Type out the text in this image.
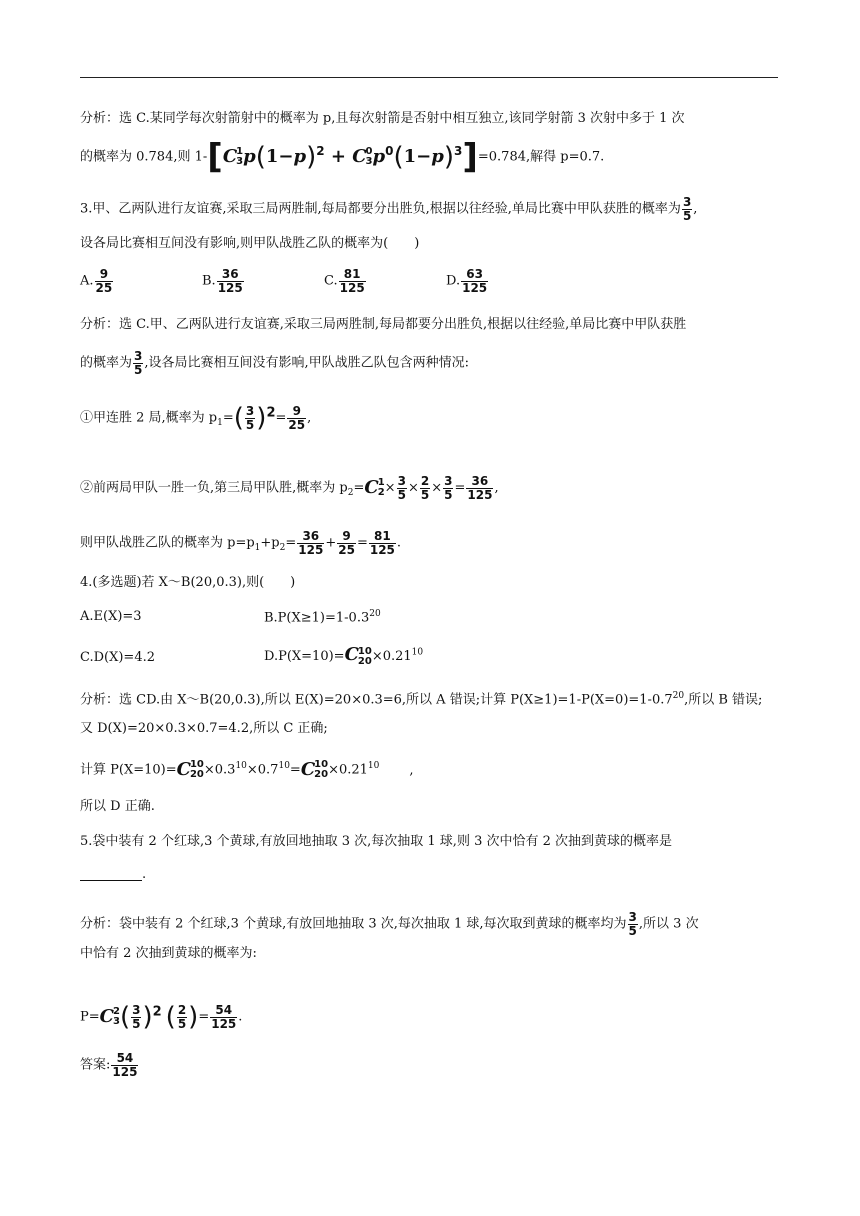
分析：选 C.某同学每次射箭射中的概率为 p,且每次射箭是否射中相互独立,该同学射箭 3 次射中多于 1 次
的概率为 0.784,则 1-[C 1
3 $p(1-p)^2 + C$ 0
3 $p^0(1-p)^3]=0.784$,解得 p=0.7.
3.甲、乙两队进行友谊赛,采取三局两胜制,每局都要分出胜负,根据以往经验,单局比赛中甲队获胜的概率为 $\frac{3}{5}$ ,
设各局比赛相互间没有影响,则甲队战胜乙队的概率为(　　)
A. $\frac{9}{25}$	B. $\frac{36}{125}$	C. $\frac{81}{125}$	D. $\frac{63}{125}$
分析：选 C.甲、乙两队进行友谊赛,采取三局两胜制,每局都要分出胜负,根据以往经验,单局比赛中甲队获胜
的概率为 $\frac{3}{5}$ ,设各局比赛相互间没有影响,甲队战胜乙队包含两种情况:
①甲连胜 2 局,概率为 $p_1=( \frac{3}{5} )^2= \frac{9}{25}$ ,
②前两局甲队一胜一负,第三局甲队胜,概率为 $p_2=C$ 1
$2 \times \frac{3}{5} \times \frac{2}{5} \times \frac{3}{5} = \frac{36}{125}$ ,
则甲队战胜乙队的概率为 $p=p_1+p_2= \frac{36}{125} + \frac{9}{25} = \frac{81}{125}$ .
4.(多选题)若 X～B(20,0.3),则(　　)
A.E(X)=3	$B.P(X\ge 1)=1-0.3^{20}$
C.D(X)=4.2	D.P(X=10)=C 10
$20 \times 0.21^{10}$
分析：选 CD.由 X～B(20,0.3),所以 E(X)=20×0.3=6,所以 A 错误;计算 $P(X\ge 1)=1-P(X=0)=1-0.7^{20}$,所以 B 错误;
又 D(X)=20×0.3×0.7=4.2,所以 C 正确;
计算 P(X=10)=C 10
$20 \times 0.3^{10}\times 0.7^{10}=C$ 10
$20 \times 0.21^{10}$ ,
所以 D 正确.
5.袋中装有 2 个红球,3 个黄球,有放回地抽取 3 次,每次抽取 1 球,则 3 次中恰有 2 次抽到黄球的概率是
.
分析：袋中装有 2 个红球,3 个黄球,有放回地抽取 3 次,每次抽取 1 球,每次取到黄球的概率均为 $\frac{3}{5}$ ,所以 3 次
中恰有 2 次抽到黄球的概率为:
P=C 2
3 ( $\frac{3}{5} )^2$ ( $\frac{2}{5}$ )= $\frac{54}{125}$ .
答案: $\frac{54}{125}$
